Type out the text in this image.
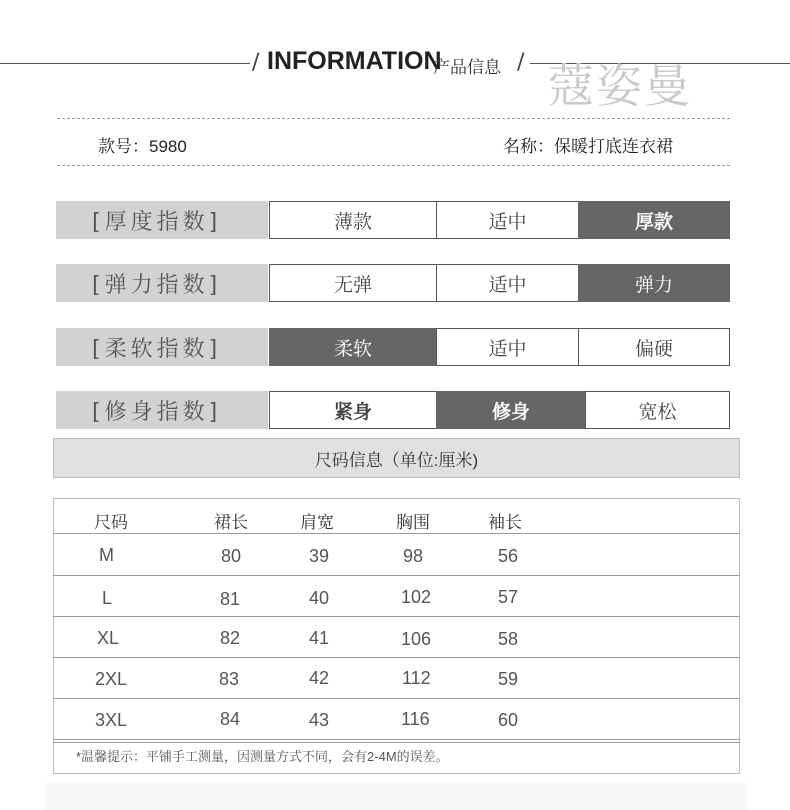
/ INFORMATION
产品信息 / 蔻姿曼
款号：5980	名称：保暖打底连衣裙
[厚度指数]	薄款	适中	厚款
[弹力指数]	无弹	适中	弹力
[柔软指数]	柔软	适中	偏硬
[修身指数]	紧身	修身	宽松
尺码信息（单位:厘米)
尺码	裙长	肩宽	胸围	袖长
M	80	39	98	56
L	81	40	102	57
XL	82	41	106	58
2XL	83	42	112	59
3XL	84	43	116	60
*温馨提示：平铺手工测量，因测量方式不同，会有2-4M的误差。
